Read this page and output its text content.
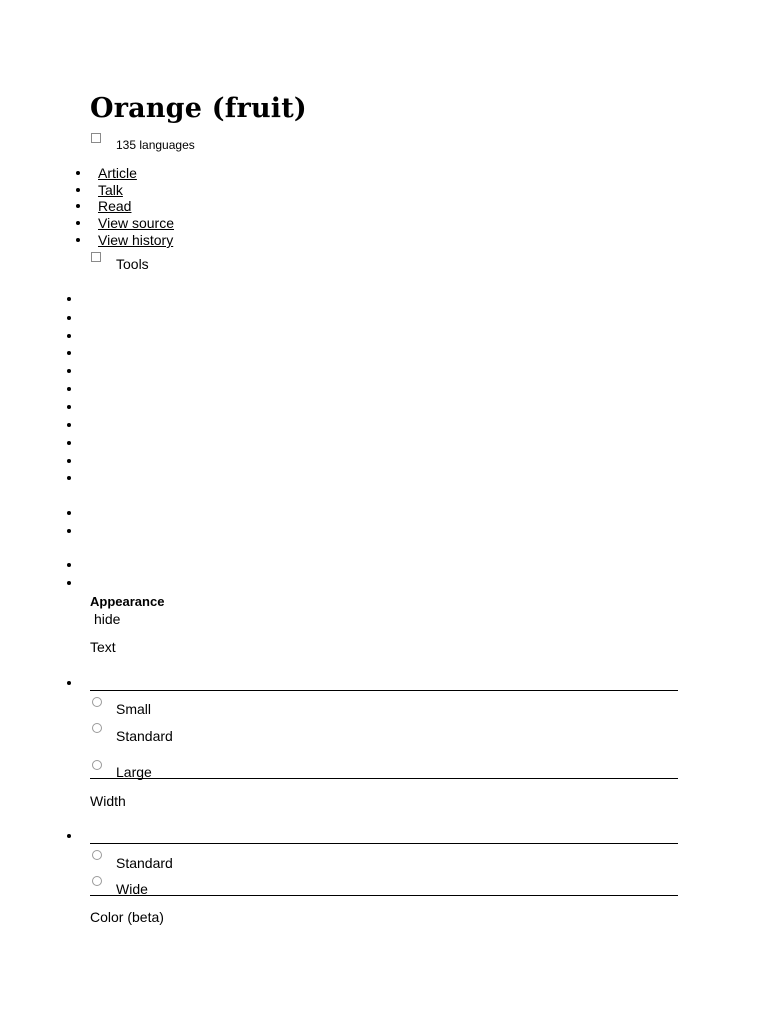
Orange (fruit)
135 languages
Article
Talk
Read
View source
View history
Tools
Appearance
hide
Text
Small
Standard
Large
Width
Standard
Wide
Color (beta)
